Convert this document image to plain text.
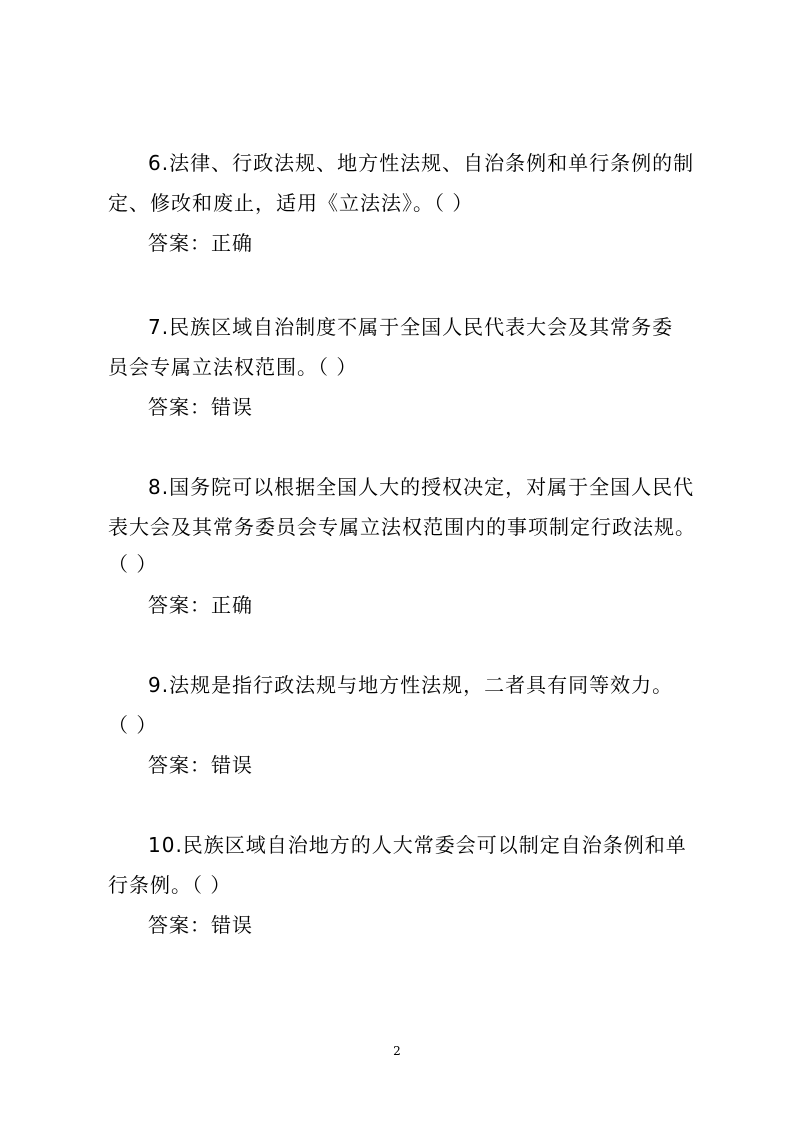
6.法律、行政法规、地方性法规、自治条例和单行条例的制
定、修改和废止，适用《立法法》。（ ）
答案：正确
7.民族区域自治制度不属于全国人民代表大会及其常务委
员会专属立法权范围。（ ）
答案：错误
8.国务院可以根据全国人大的授权决定，对属于全国人民代
表大会及其常务委员会专属立法权范围内的事项制定行政法规。
（ ）
答案：正确
9.法规是指行政法规与地方性法规，二者具有同等效力。
（ ）
答案：错误
10.民族区域自治地方的人大常委会可以制定自治条例和单
行条例。（ ）
答案：错误
2
